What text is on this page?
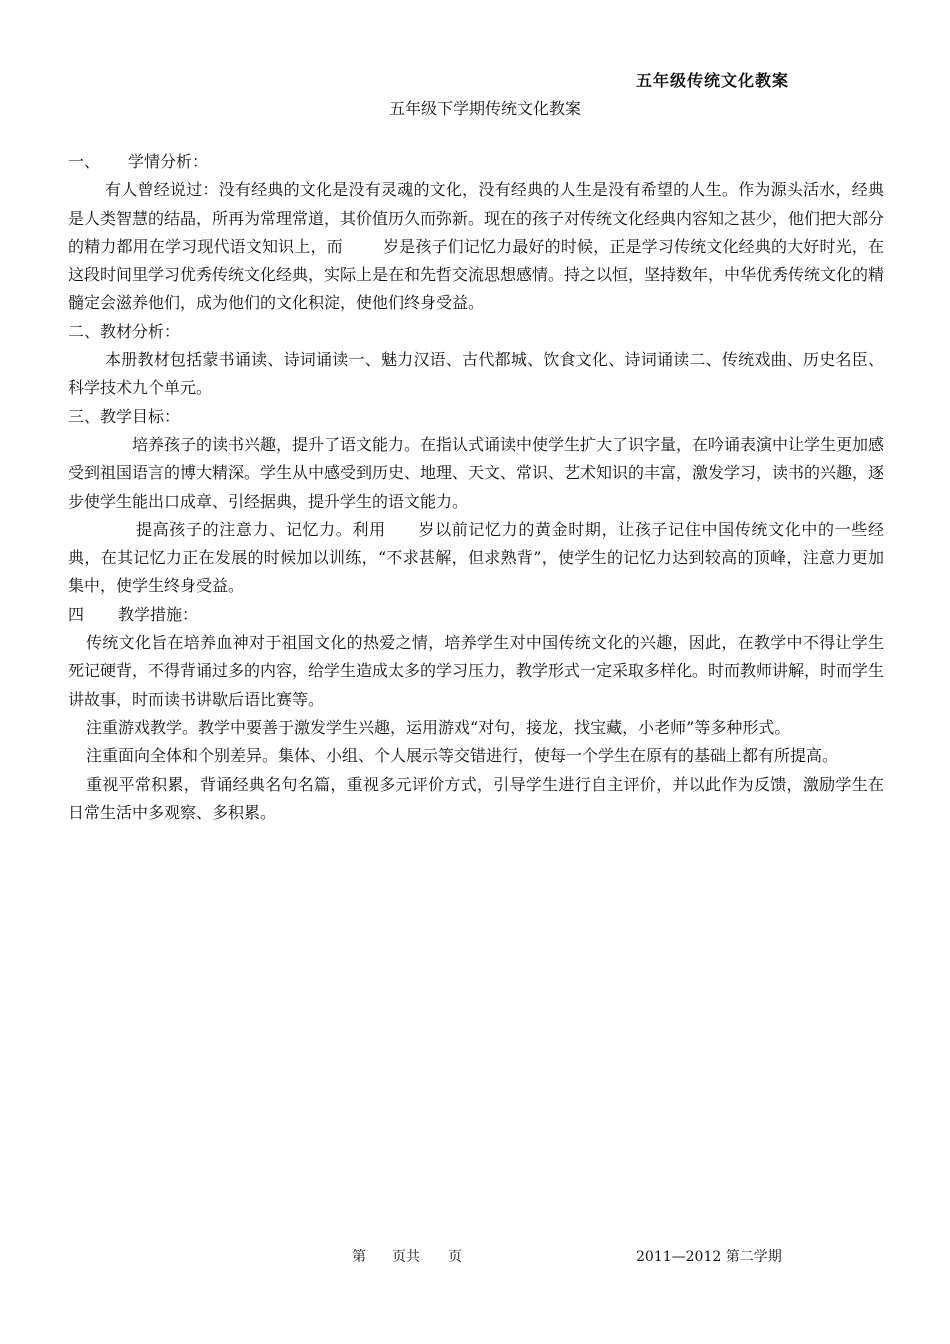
五年级传统文化教案
五年级下学期传统文化教案

一、 学情分析：

有人曾经说过：没有经典的文化是没有灵魂的文化，没有经典的人生是没有希望的人生。作为源头活水，经典是人类智慧的结晶，所再为常理常道，其价值历久而弥新。现在的孩子对传统文化经典内容知之甚少，他们把大部分的精力都用在学习现代语文知识上，而	岁是孩子们记忆力最好的时候，正是学习传统文化经典的大好时光，在这段时间里学习优秀传统文化经典，实际上是在和先哲交流思想感情。持之以恒，坚持数年，中华优秀传统文化的精髓定会滋养他们，成为他们的文化积淀，使他们终身受益。

二、教材分析：

本册教材包括蒙书诵读、诗词诵读一、魅力汉语、古代都城、饮食文化、诗词诵读二、传统戏曲、历史名臣、科学技术九个单元。

三、教学目标：

培养孩子的读书兴趣，提升了语文能力。在指认式诵读中使学生扩大了识字量，在吟诵表演中让学生更加感受到祖国语言的博大精深。学生从中感受到历史、地理、天文、常识、艺术知识的丰富，激发学习，读书的兴趣，逐步使学生能出口成章、引经据典，提升学生的语文能力。

提高孩子的注意力、记忆力。利用 岁以前记忆力的黄金时期，让孩子记住中国传统文化中的一些经典，在其记忆力正在发展的时候加以训练，“不求甚解，但求熟背”，使学生的记忆力达到较高的顶峰，注意力更加集中，使学生终身受益。

四 教学措施：

传统文化旨在培养血神对于祖国文化的热爱之情，培养学生对中国传统文化的兴趣，因此，在教学中不得让学生死记硬背，不得背诵过多的内容，给学生造成太多的学习压力，教学形式一定采取多样化。时而教师讲解，时而学生讲故事，时而读书讲歇后语比赛等。

注重游戏教学。教学中要善于激发学生兴趣，运用游戏“对句，接龙，找宝藏，小老师”等多种形式。

注重面向全体和个别差异。集体、小组、个人展示等交错进行，使每一个学生在原有的基础上都有所提高。

重视平常积累，背诵经典名句名篇，重视多元评价方式，引导学生进行自主评价，并以此作为反馈，激励学生在日常生活中多观察、多积累。

第 页共 页	2011—2012 第二学期
